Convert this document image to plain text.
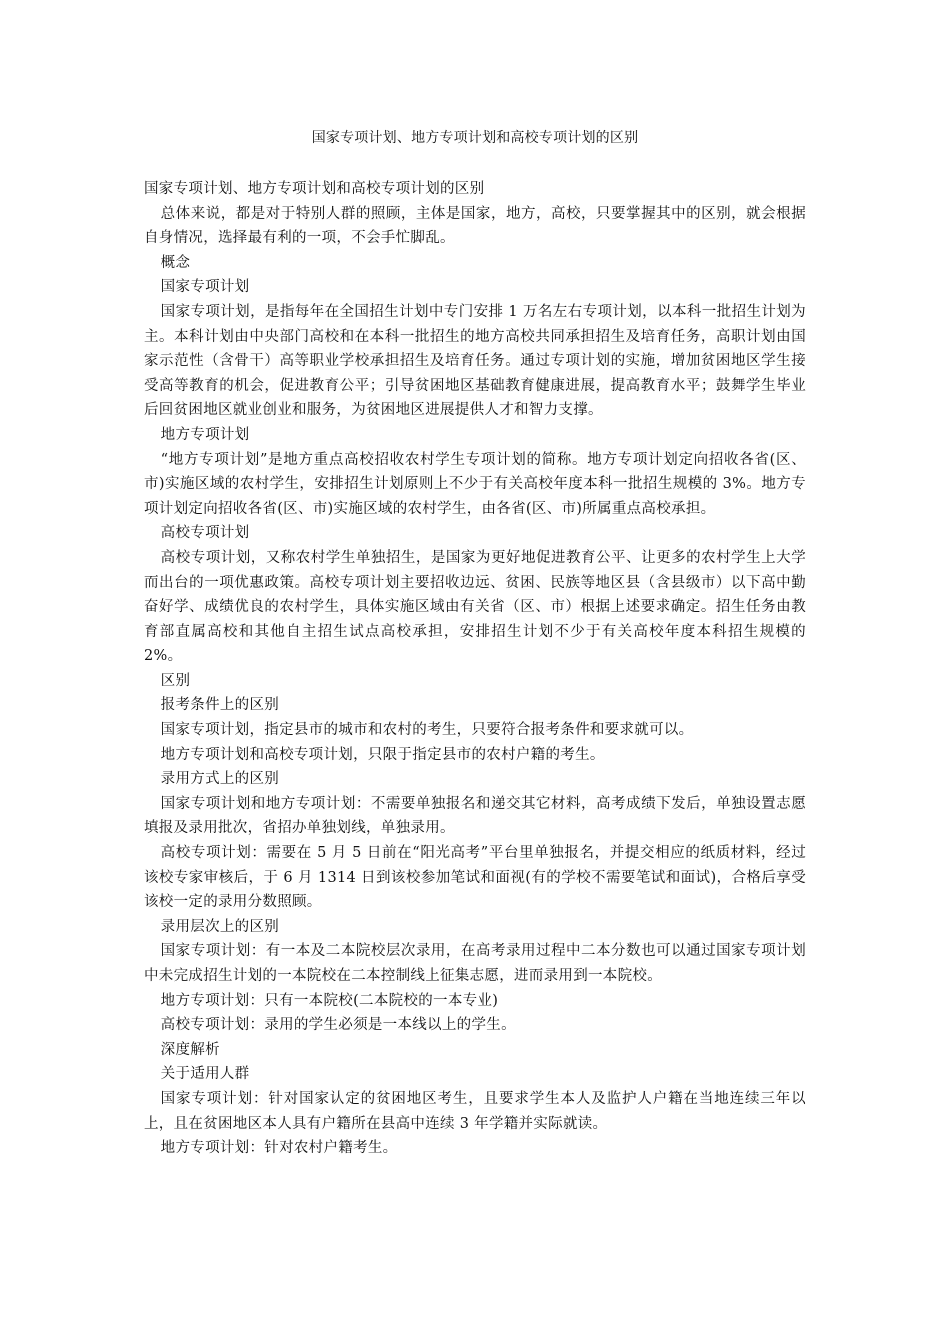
国家专项计划、地方专项计划和高校专项计划的区别

国家专项计划、地方专项计划和高校专项计划的区别

总体来说，都是对于特别人群的照顾，主体是国家，地方，高校，只要掌握其中的区别，就会根据自身情况，选择最有利的一项，不会手忙脚乱。

概念

国家专项计划

国家专项计划，是指每年在全国招生计划中专门安排 1 万名左右专项计划，以本科一批招生计划为主。本科计划由中央部门高校和在本科一批招生的地方高校共同承担招生及培育任务，高职计划由国家示范性（含骨干）高等职业学校承担招生及培育任务。通过专项计划的实施，增加贫困地区学生接受高等教育的机会，促进教育公平；引导贫困地区基础教育健康进展，提高教育水平；鼓舞学生毕业后回贫困地区就业创业和服务，为贫困地区进展提供人才和智力支撑。

地方专项计划

“地方专项计划”是地方重点高校招收农村学生专项计划的简称。地方专项计划定向招收各省(区、市)实施区域的农村学生，安排招生计划原则上不少于有关高校年度本科一批招生规模的 3%。地方专项计划定向招收各省(区、市)实施区域的农村学生，由各省(区、市)所属重点高校承担。

高校专项计划

高校专项计划，又称农村学生单独招生，是国家为更好地促进教育公平、让更多的农村学生上大学而出台的一项优惠政策。高校专项计划主要招收边远、贫困、民族等地区县（含县级市）以下高中勤奋好学、成绩优良的农村学生，具体实施区域由有关省（区、市）根据上述要求确定。招生任务由教育部直属高校和其他自主招生试点高校承担，安排招生计划不少于有关高校年度本科招生规模的 2%。

区别

报考条件上的区别

国家专项计划，指定县市的城市和农村的考生，只要符合报考条件和要求就可以。

地方专项计划和高校专项计划，只限于指定县市的农村户籍的考生。

录用方式上的区别

国家专项计划和地方专项计划：不需要单独报名和递交其它材料，高考成绩下发后，单独设置志愿填报及录用批次，省招办单独划线，单独录用。

高校专项计划：需要在 5 月 5 日前在“阳光高考”平台里单独报名，并提交相应的纸质材料，经过该校专家审核后，于 6 月 1314 日到该校参加笔试和面视(有的学校不需要笔试和面试)，合格后享受该校一定的录用分数照顾。

录用层次上的区别

国家专项计划：有一本及二本院校层次录用，在高考录用过程中二本分数也可以通过国家专项计划中未完成招生计划的一本院校在二本控制线上征集志愿，进而录用到一本院校。

地方专项计划：只有一本院校(二本院校的一本专业)

高校专项计划：录用的学生必须是一本线以上的学生。

深度解析

关于适用人群

国家专项计划：针对国家认定的贫困地区考生，且要求学生本人及监护人户籍在当地连续三年以上，且在贫困地区本人具有户籍所在县高中连续 3 年学籍并实际就读。

地方专项计划：针对农村户籍考生。
